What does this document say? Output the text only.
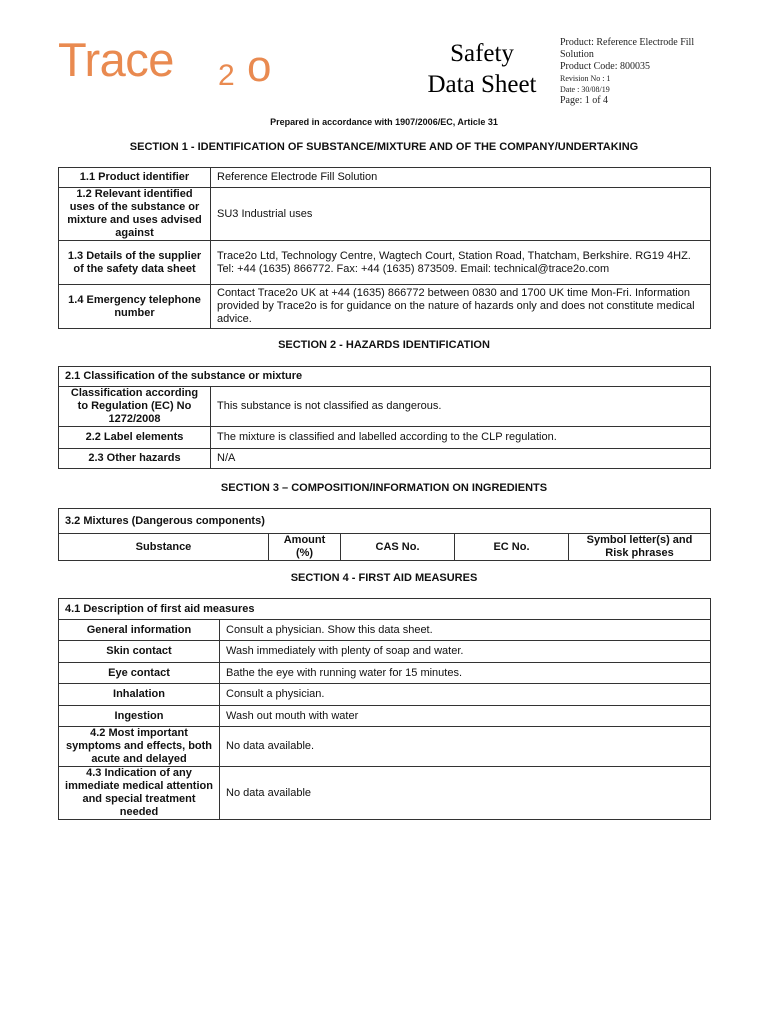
Trace 2 o	Safety
Data Sheet
Product: Reference Electrode Fill Solution
Product Code: 800035
Revision No : 1
Date : 30/08/19
Page: 1 of 4
Prepared in accordance with 1907/2006/EC, Article 31
SECTION 1 - IDENTIFICATION OF SUBSTANCE/MIXTURE AND OF THE COMPANY/UNDERTAKING
1.1 Product identifier	Reference Electrode Fill Solution
1.2 Relevant identified uses of the substance or mixture and uses advised against	SU3 Industrial uses
1.3 Details of the supplier of the safety data sheet	Trace2o Ltd, Technology Centre, Wagtech Court, Station Road, Thatcham, Berkshire. RG19 4HZ. Tel: +44 (1635) 866772. Fax: +44 (1635) 873509. Email: technical@trace2o.com
1.4 Emergency telephone number	Contact Trace2o UK at +44 (1635) 866772 between 0830 and 1700 UK time Mon-Fri. Information provided by Trace2o is for guidance on the nature of hazards only and does not constitute medical advice.
SECTION 2 - HAZARDS IDENTIFICATION
2.1 Classification of the substance or mixture	
Classification according to Regulation (EC) No 1272/2008	This substance is not classified as dangerous.
2.2 Label elements	The mixture is classified and labelled according to the CLP regulation.
2.3 Other hazards	N/A
SECTION 3 – COMPOSITION/INFORMATION ON INGREDIENTS
3.2 Mixtures (Dangerous components)
Substance	Amount (%)	CAS No.	EC No.	Symbol letter(s) and Risk phrases
SECTION 4 - FIRST AID MEASURES
4.1 Description of first aid measures	
General information	Consult a physician. Show this data sheet.
Skin contact	Wash immediately with plenty of soap and water.
Eye contact	Bathe the eye with running water for 15 minutes.
Inhalation	Consult a physician.
Ingestion	Wash out mouth with water
4.2 Most important symptoms and effects, both acute and delayed	No data available.
4.3 Indication of any immediate medical attention and special treatment needed	No data available
